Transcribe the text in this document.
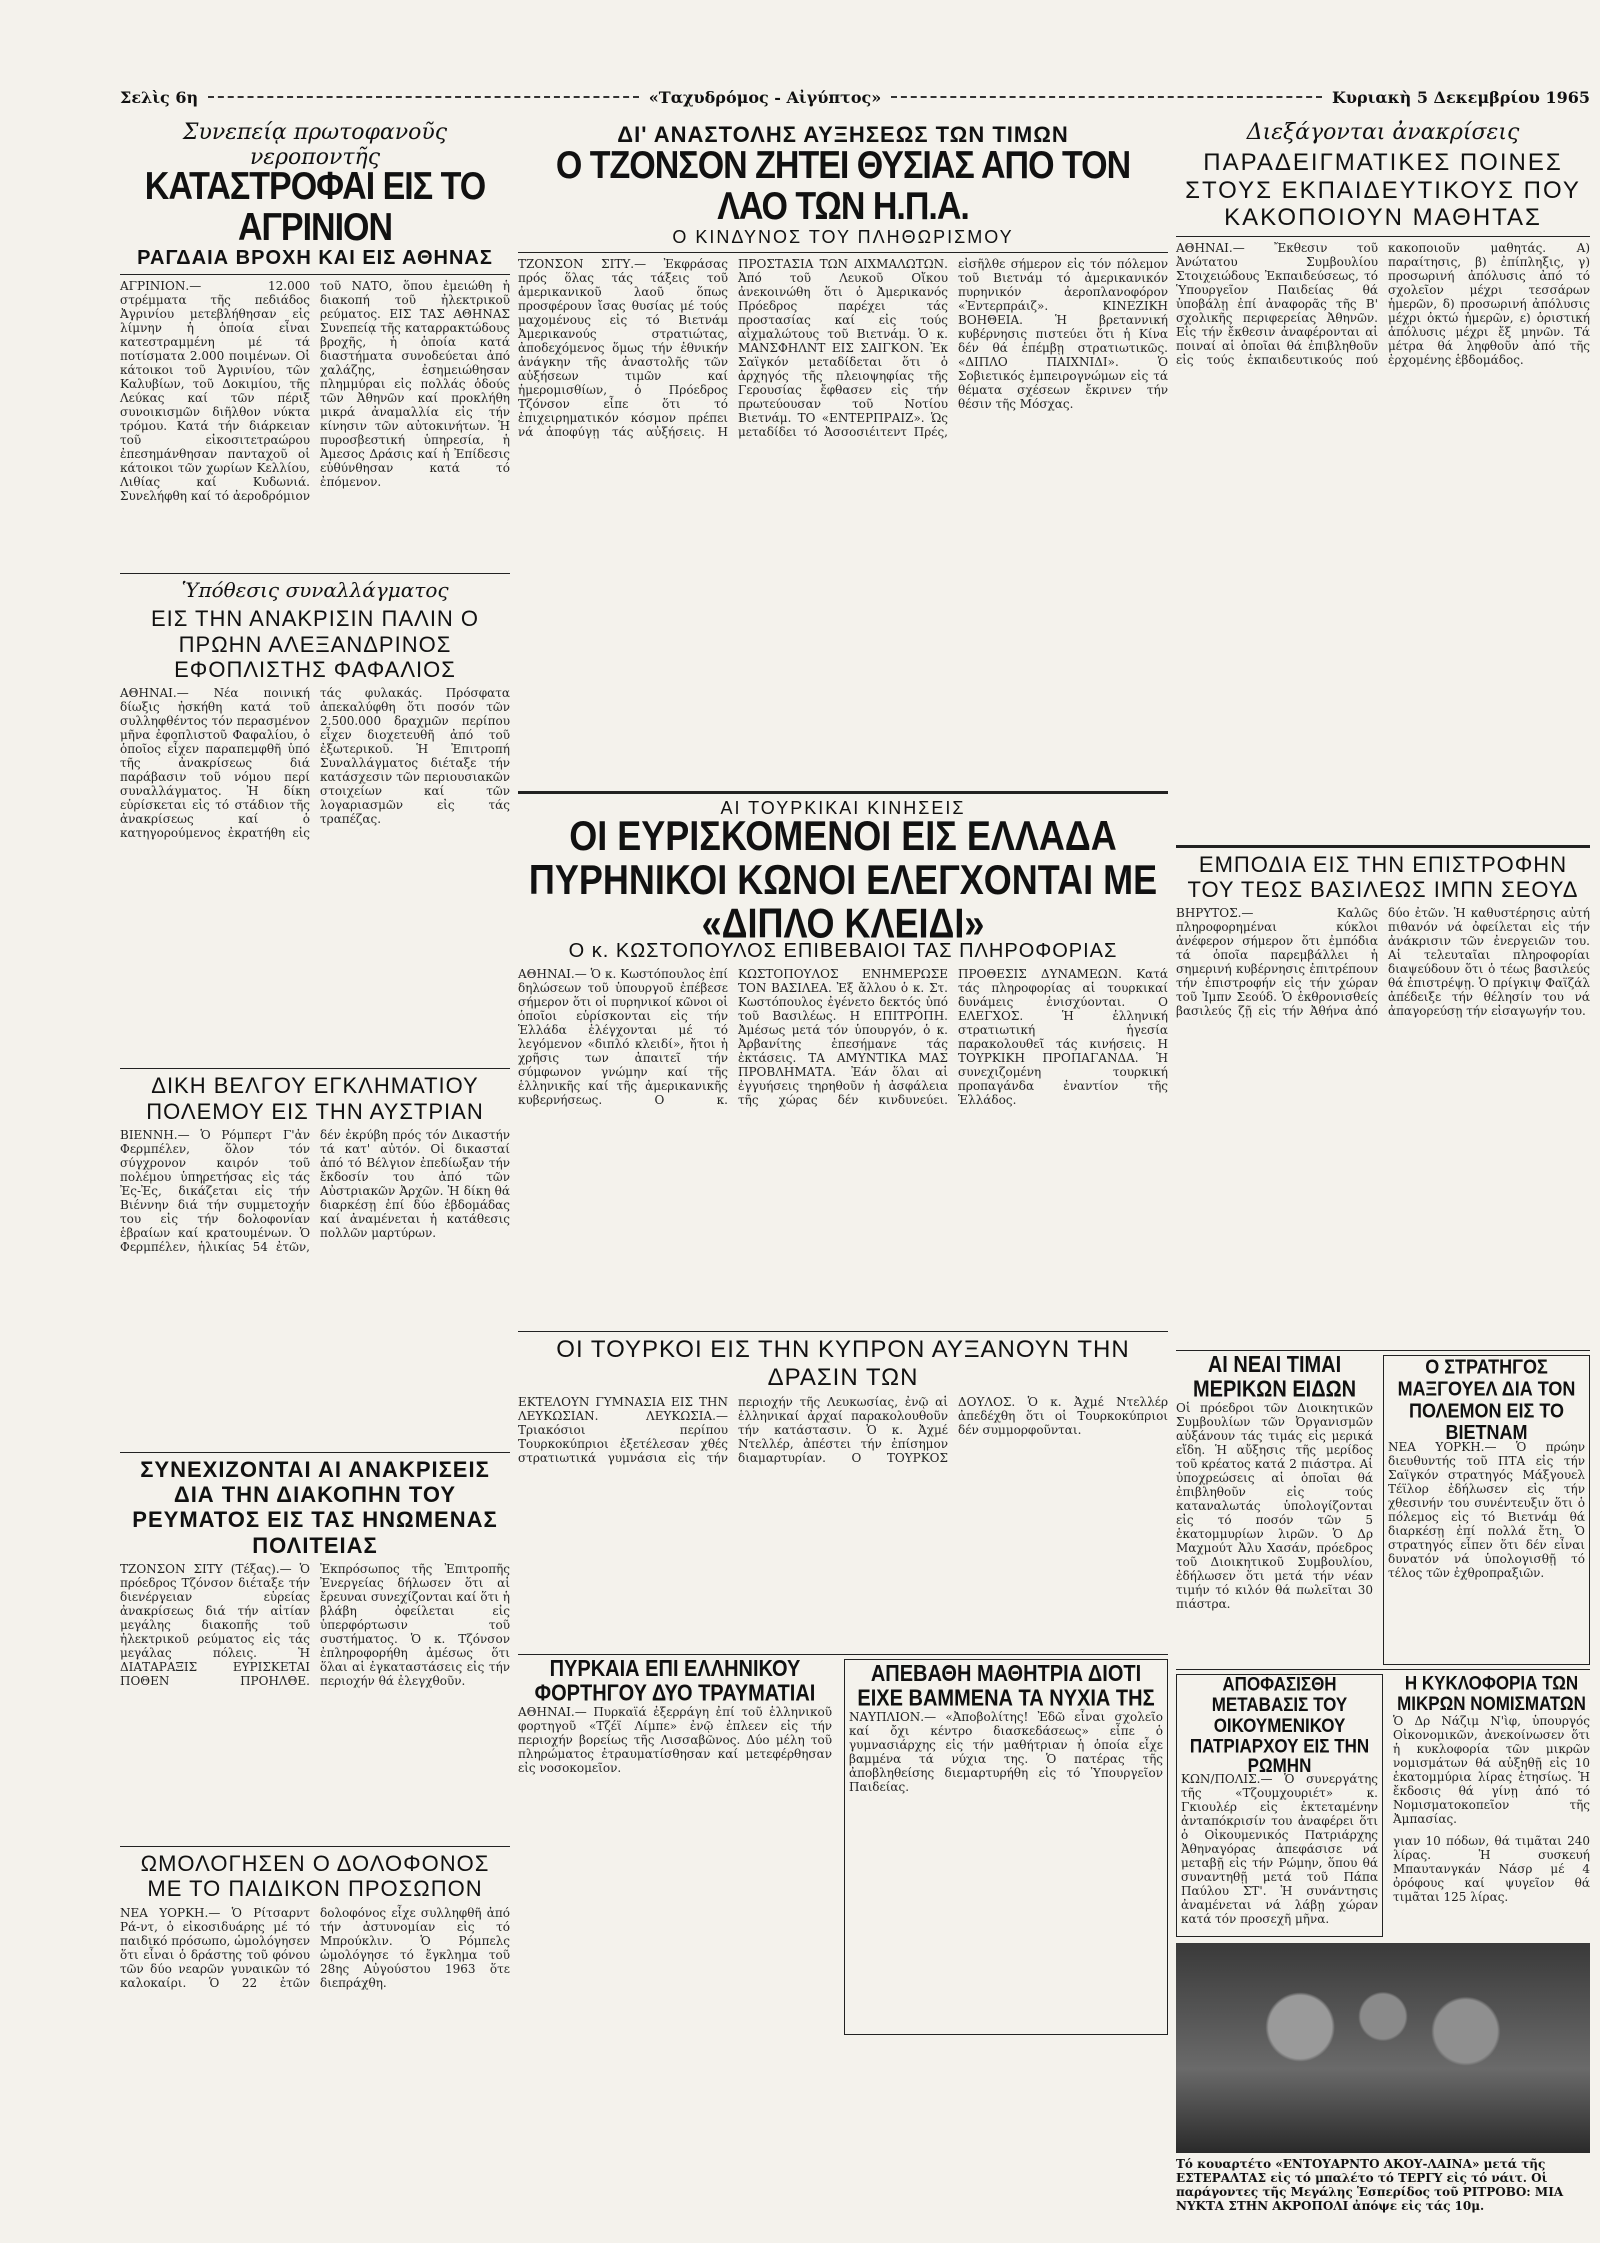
Σελὶς 6η	«Ταχυδρόμος - Αἰγύπτος»	Κυριακὴ 5 Δεκεμβρίου 1965
Συνεπείᾳ πρωτοφανοῦς νεροποντῆς
ΚΑΤΑΣΤΡΟΦΑΙ ΕΙΣ ΤΟ ΑΓΡΙΝΙΟΝ
ΡΑΓΔΑΙΑ ΒΡΟΧΗ ΚΑΙ ΕΙΣ ΑΘΗΝΑΣ
ΑΓΡΙΝΙΟΝ.— 12.000 στρέμματα τῆς πεδιάδος Ἀγρινίου μετεβλήθησαν εἰς λίμνην ἡ ὁποία εἶναι κατεστραμμένη μέ τά ποτίσματα 2.000 ποιμένων. Οἱ κάτοικοι τοῦ Ἀγρινίου, τῶν Καλυβίων, τοῦ Δοκιμίου, τῆς Λεύκας καί τῶν πέριξ συνοικισμῶν διῆλθον νύκτα τρόμου. Κατά τήν διάρκειαν τοῦ εἰκοσιτετραώρου ἐπεσημάνθησαν πανταχοῦ οἱ κάτοικοι τῶν χωρίων Κελλίου, Λιθίας καί Κυδωνιά. Συνελήφθη καί τό ἀεροδρόμιον τοῦ ΝΑΤΟ, ὅπου ἐμειώθη ἡ διακοπή τοῦ ἠλεκτρικοῦ ρεύματος. ΕΙΣ ΤΑΣ ΑΘΗΝΑΣ Συνεπείᾳ τῆς καταρρακτώδους βροχῆς, ἡ ὁποία κατά διαστήματα συνοδεύεται ἀπό χαλάζης, ἐσημειώθησαν πλημμύραι εἰς πολλάς ὁδούς τῶν Ἀθηνῶν καί προκλήθη μικρά ἀναμαλλία εἰς τήν κίνησιν τῶν αὐτοκινήτων. Ἡ πυροσβεστική ὑπηρεσία, ἡ Ἀμεσος Δράσις καί ἡ Ἐπίδεσις εὑθύνθησαν κατά τό ἐπόμενον.
Ὑπόθεσις συναλλάγματος
ΕΙΣ ΤΗΝ ΑΝΑΚΡΙΣΙΝ ΠΑΛΙΝ Ο ΠΡΩΗΝ ΑΛΕΞΑΝΔΡΙΝΟΣ ΕΦΟΠΛΙΣΤΗΣ ΦΑΦΑΛΙΟΣ
ΑΘΗΝΑΙ.— Νέα ποινική δίωξις ἠσκήθη κατά τοῦ συλληφθέντος τόν περασμένον μῆνα ἐφοπλιστοῦ Φαφαλίου, ὁ ὁποῖος εἶχεν παραπεμφθῆ ὑπό τῆς ἀνακρίσεως διά παράβασιν τοῦ νόμου περί συναλλάγματος. Ἡ δίκη εὑρίσκεται εἰς τό στάδιον τῆς ἀνακρίσεως καί ὁ κατηγορούμενος ἐκρατήθη εἰς τάς φυλακάς. Πρόσφατα ἀπεκαλύφθη ὅτι ποσόν τῶν 2.500.000 δραχμῶν περίπου εἶχεν διοχετευθῆ ἀπό τοῦ ἐξωτερικοῦ. Ἡ Ἐπιτροπή Συναλλάγματος διέταξε τήν κατάσχεσιν τῶν περιουσιακῶν στοιχείων καί τῶν λογαριασμῶν εἰς τάς τραπέζας.
ΔΙΚΗ ΒΕΛΓΟΥ ΕΓΚΛΗΜΑΤΙΟΥ ΠΟΛΕΜΟΥ ΕΙΣ ΤΗΝ ΑΥΣΤΡΙΑΝ
ΒΙΕΝΝΗ.— Ὁ Ρόμπερτ Γ'ἀν Φερμπέλεν, ὅλον τόν σύγχρονον καιρόν τοῦ πολέμου ὑπηρετήσας εἰς τάς Ἐς-Ἐς, δικάζεται εἰς τήν Βιέννην διά τήν συμμετοχήν του εἰς τήν δολοφονίαν ἑβραίων καί κρατουμένων. Ὁ Φερμπέλεν, ἡλικίας 54 ἐτῶν, δέν ἐκρύβη πρός τόν Δικαστήν τά κατ' αὐτόν. Οἱ δικασταί ἀπό τό Βέλγιον ἐπεδίωξαν τήν ἔκδοσίν του ἀπό τῶν Αὐστριακῶν Ἀρχῶν. Ἡ δίκη θά διαρκέσῃ ἐπί δύο ἑβδομάδας καί ἀναμένεται ἡ κατάθεσις πολλῶν μαρτύρων.
ΣΥΝΕΧΙΖΟΝΤΑΙ ΑΙ ΑΝΑΚΡΙΣΕΙΣ ΔΙΑ ΤΗΝ ΔΙΑΚΟΠΗΝ ΤΟΥ ΡΕΥΜΑΤΟΣ ΕΙΣ ΤΑΣ ΗΝΩΜΕΝΑΣ ΠΟΛΙΤΕΙΑΣ
ΤΖΟΝΣΟΝ ΣΙΤΥ (Τέξας).— Ὁ πρόεδρος Τζόνσον διέταξε τήν διενέργειαν εὑρείας ἀνακρίσεως διά τήν αἰτίαν μεγάλης διακοπῆς τοῦ ἠλεκτρικοῦ ρεύματος εἰς τάς μεγάλας πόλεις. Ἡ ΔΙΑΤΑΡΑΞΙΣ ΕΥΡΙΣΚΕΤΑΙ ΠΟΘΕΝ ΠΡΟΗΛΘΕ. Ἐκπρόσωπος τῆς Ἐπιτροπῆς Ἐνεργείας δήλωσεν ὅτι αἱ ἔρευναι συνεχίζονται καί ὅτι ἡ βλάβη ὀφείλεται εἰς ὑπερφόρτωσιν τοῦ συστήματος. Ὁ κ. Τζόνσον ἐπληροφορήθη ἀμέσως ὅτι ὅλαι αἱ ἐγκαταστάσεις εἰς τήν περιοχήν θά ἐλεγχθοῦν.
ΩΜΟΛΟΓΗΣΕΝ Ο ΔΟΛΟΦΟΝΟΣ ΜΕ ΤΟ ΠΑΙΔΙΚΟΝ ΠΡΟΣΩΠΟΝ
ΝΕΑ ΥΟΡΚΗ.— Ὁ Ρίτσαρντ Ρά-ντ, ὁ εἰκοσιδυάρης μέ τό παιδικό πρόσωπο, ὡμολόγησεν ὅτι εἶναι ὁ δράστης τοῦ φόνου τῶν δύο νεαρῶν γυναικῶν τό καλοκαίρι. Ὁ 22 ἐτῶν δολοφόνος εἶχε συλληφθῆ ἀπό τήν ἀστυνομίαν εἰς τό Μπρούκλιν. Ὁ Ρόμπελς ὡμολόγησε τό ἔγκλημα τοῦ 28ης Αὐγούστου 1963 ὅτε διεπράχθη.
ΔΙ' ΑΝΑΣΤΟΛΗΣ ΑΥΞΗΣΕΩΣ ΤΩΝ ΤΙΜΩΝ
Ο ΤΖΟΝΣΟΝ ΖΗΤΕΙ ΘΥΣΙΑΣ ΑΠΟ ΤΟΝ ΛΑΟ ΤΩΝ Η.Π.Α.
Ο ΚΙΝΔΥΝΟΣ ΤΟΥ ΠΛΗΘΩΡΙΣΜΟΥ
ΤΖΟΝΣΟΝ ΣΙΤΥ.— Ἐκφράσας πρός ὅλας τάς τάξεις τοῦ ἀμερικανικοῦ λαοῦ ὅπως προσφέρουν ἴσας θυσίας μέ τούς μαχομένους εἰς τό Βιετνάμ Ἀμερικανούς στρατιώτας, ἀποδεχόμενος ὅμως τήν ἐθνικήν ἀνάγκην τῆς ἀναστολῆς τῶν αὐξήσεων τιμῶν καί ἡμερομισθίων, ὁ Πρόεδρος Τζόνσον εἶπε ὅτι τό ἐπιχειρηματικόν κόσμον πρέπει νά ἀποφύγῃ τάς αὐξήσεις. Η ΠΡΟΣΤΑΣΙΑ ΤΩΝ ΑΙΧΜΑΛΩΤΩΝ. Ἀπό τοῦ Λευκοῦ Οἴκου ἀνεκοινώθη ὅτι ὁ Ἀμερικανός Πρόεδρος παρέχει τάς προστασίας καί εἰς τούς αἰχμαλώτους τοῦ Βιετνάμ. Ὁ κ. ΜΑΝΣΦΗΛΝΤ ΕΙΣ ΣΑΙΓΚΟΝ. Ἐκ Σαϊγκόν μεταδίδεται ὅτι ὁ ἀρχηγός τῆς πλειοψηφίας τῆς Γερουσίας ἔφθασεν εἰς τήν πρωτεύουσαν τοῦ Νοτίου Βιετνάμ. ΤΟ «ΕΝΤΕΡΠΡΑΙΖ». Ὡς μεταδίδει τό Ἀσσοσιέιτεντ Πρές, εἰσῆλθε σήμερον εἰς τόν πόλεμον τοῦ Βιετνάμ τό ἀμερικανικόν πυρηνικόν ἀεροπλανοφόρον «Ἐντερπράιζ». ΚΙΝΕΖΙΚΗ ΒΟΗΘΕΙΑ. Ἡ βρεταννική κυβέρνησις πιστεύει ὅτι ἡ Κίνα δέν θά ἐπέμβῃ στρατιωτικῶς. «ΔΙΠΛΟ ΠΑΙΧΝΙΔΙ». Ὁ Σοβιετικός ἐμπειρογνώμων εἰς τά θέματα σχέσεων ἔκρινεν τήν θέσιν τῆς Μόσχας.
ΑΙ ΤΟΥΡΚΙΚΑΙ ΚΙΝΗΣΕΙΣ
ΟΙ ΕΥΡΙΣΚΟΜΕΝΟΙ ΕΙΣ ΕΛΛΑΔΑ ΠΥΡΗΝΙΚΟΙ ΚΩΝΟΙ ΕΛΕΓΧΟΝΤΑΙ ΜΕ «ΔΙΠΛΟ ΚΛΕΙΔΙ»
Ο κ. ΚΩΣΤΟΠΟΥΛΟΣ ΕΠΙΒΕΒΑΙΟΙ ΤΑΣ ΠΛΗΡΟΦΟΡΙΑΣ
ΑΘΗΝΑΙ.— Ὁ κ. Κωστόπουλος ἐπί δηλώσεων τοῦ ὑπουργοῦ ἐπέβεσε σήμερον ὅτι οἱ πυρηνικοί κῶνοι οἱ ὁποῖοι εὑρίσκονται εἰς τήν Ἑλλάδα ἐλέγχονται μέ τό λεγόμενον «διπλό κλειδί», ἤτοι ἡ χρῆσις των ἀπαιτεῖ τήν σύμφωνον γνώμην καί τῆς ἑλληνικῆς καί τῆς ἀμερικανικῆς κυβερνήσεως. Ο κ. ΚΩΣΤΟΠΟΥΛΟΣ ΕΝΗΜΕΡΩΣΕ ΤΟΝ ΒΑΣΙΛΕΑ. Ἐξ ἄλλου ὁ κ. Στ. Κωστόπουλος ἐγένετο δεκτός ὑπό τοῦ Βασιλέως. Η ΕΠΙΤΡΟΠΗ. Ἀμέσως μετά τόν ὑπουργόν, ὁ κ. Ἀρβανίτης ἐπεσήμανε τάς ἐκτάσεις. ΤΑ ΑΜΥΝΤΙΚΑ ΜΑΣ ΠΡΟΒΛΗΜΑΤΑ. Ἐάν ὅλαι αἱ ἐγγυήσεις τηρηθοῦν ἡ ἀσφάλεια τῆς χώρας δέν κινδυνεύει. ΠΡΟΘΕΣΙΣ ΔΥΝΑΜΕΩΝ. Κατά τάς πληροφορίας αἱ τουρκικαί δυνάμεις ἐνισχύονται. Ο ΕΛΕΓΧΟΣ. Ἡ ἑλληνική στρατιωτική ἡγεσία παρακολουθεῖ τάς κινήσεις. Η ΤΟΥΡΚΙΚΗ ΠΡΟΠΑΓΑΝΔΑ. Ἡ συνεχιζομένη τουρκική προπαγάνδα ἐναντίον τῆς Ἑλλάδος.
ΟΙ ΤΟΥΡΚΟΙ ΕΙΣ ΤΗΝ ΚΥΠΡΟΝ ΑΥΞΑΝΟΥΝ ΤΗΝ ΔΡΑΣΙΝ ΤΩΝ
ΕΚΤΕΛΟΥΝ ΓΥΜΝΑΣΙΑ ΕΙΣ ΤΗΝ ΛΕΥΚΩΣΙΑΝ. ΛΕΥΚΩΣΙΑ.— Τριακόσιοι περίπου Τουρκοκύπριοι ἐξετέλεσαν χθές στρατιωτικά γυμνάσια εἰς τήν περιοχήν τῆς Λευκωσίας, ἐνῷ αἱ ἑλληνικαί ἀρχαί παρακολουθοῦν τήν κατάστασιν. Ὁ κ. Ἀχμέ Ντελλέρ, ἀπέστει τήν ἐπίσημον διαμαρτυρίαν. Ο ΤΟΥΡΚΟΣ ΔΟΥΛΟΣ. Ὁ κ. Ἀχμέ Ντελλέρ ἀπεδέχθη ὅτι οἱ Τουρκοκύπριοι δέν συμμορφοῦνται.
ΠΥΡΚΑΙΑ ΕΠΙ ΕΛΛΗΝΙΚΟΥ ΦΟΡΤΗΓΟΥ ΔΥΟ ΤΡΑΥΜΑΤΙΑΙ
ΑΘΗΝΑΙ.— Πυρκαϊά ἐξερράγη ἐπί τοῦ ἑλληνικοῦ φορτηγοῦ «Τζέϊ Λίμπε» ἐνῷ ἐπλεεν εἰς τήν περιοχήν βορείως τῆς Λισσαβῶνος. Δύο μέλη τοῦ πληρώματος ἐτραυματίσθησαν καί μετεφέρθησαν εἰς νοσοκομεῖον.
ΑΠΕΒΑΘΗ ΜΑΘΗΤΡΙΑ ΔΙΟΤΙ ΕΙΧΕ ΒΑΜΜΕΝΑ ΤΑ ΝΥΧΙΑ ΤΗΣ
ΝΑΥΠΛΙΟΝ.— «Ἀποβολίτης! Ἐδῶ εἶναι σχολεῖο καί ὄχι κέντρο διασκεδάσεως» εἶπε ὁ γυμνασιάρχης εἰς τήν μαθήτριαν ἡ ὁποία εἶχε βαμμένα τά νύχια της. Ὁ πατέρας τῆς ἀποβληθείσης διεμαρτυρήθη εἰς τό Ὑπουργεῖον Παιδείας.
Διεξάγονται ἀνακρίσεις
ΠΑΡΑΔΕΙΓΜΑΤΙΚΕΣ ΠΟΙΝΕΣ ΣΤΟΥΣ ΕΚΠΑΙΔΕΥΤΙΚΟΥΣ ΠΟΥ ΚΑΚΟΠΟΙΟΥΝ ΜΑΘΗΤΑΣ
ΑΘΗΝΑΙ.— Ἔκθεσιν τοῦ Ἀνώτατου Συμβουλίου Στοιχειώδους Ἐκπαιδεύσεως, τό Ὑπουργεῖον Παιδείας θά ὑποβάλῃ ἐπί ἀναφορᾶς τῆς Β' σχολικῆς περιφερείας Ἀθηνῶν. Εἰς τήν ἔκθεσιν ἀναφέρονται αἱ ποιναί αἱ ὁποῖαι θά ἐπιβληθοῦν εἰς τούς ἐκπαιδευτικούς πού κακοποιοῦν μαθητάς. Α) παραίτησις, β) ἐπίπληξις, γ) προσωρινή ἀπόλυσις ἀπό τό σχολεῖον μέχρι τεσσάρων ἡμερῶν, δ) προσωρινή ἀπόλυσις μέχρι ὀκτώ ἡμερῶν, ε) ὁριστική ἀπόλυσις μέχρι ἔξ μηνῶν. Τά μέτρα θά ληφθοῦν ἀπό τῆς ἐρχομένης ἑβδομάδος.
ΕΜΠΟΔΙΑ ΕΙΣ ΤΗΝ ΕΠΙΣΤΡΟΦΗΝ ΤΟΥ ΤΕΩΣ ΒΑΣΙΛΕΩΣ ΙΜΠΝ ΣΕΟΥΔ
ΒΗΡΥΤΟΣ.— Καλῶς πληροφορημέναι κύκλοι ἀνέφερον σήμερον ὅτι ἐμπόδια τά ὁποῖα παρεμβάλλει ἡ σημερινή κυβέρνησις ἐπιτρέπουν τήν ἐπιστροφήν εἰς τήν χώραν τοῦ Ἰμπν Σεούδ. Ὁ ἐκθρονισθείς βασιλεύς ζῇ εἰς τήν Ἀθήνα ἀπό δύο ἐτῶν. Ἡ καθυστέρησις αὐτή πιθανόν νά ὀφείλεται εἰς τήν ἀνάκρισιν τῶν ἐνεργειῶν του. Αἱ τελευταῖαι πληροφορίαι διαψεύδουν ὅτι ὁ τέως βασιλεύς θά ἐπιστρέψῃ. Ὁ πρίγκιψ Φαϊζάλ ἀπέδειξε τήν θέλησίν του νά ἀπαγορεύσῃ τήν εἰσαγωγήν του.
ΑΙ ΝΕΑΙ ΤΙΜΑΙ ΜΕΡΙΚΩΝ ΕΙΔΩΝ
Οἱ πρόεδροι τῶν Διοικητικῶν Συμβουλίων τῶν Ὀργανισμῶν αὐξάνουν τάς τιμάς εἰς μερικά εἴδη. Ἡ αὔξησις τῆς μερίδος τοῦ κρέατος κατά 2 πιάστρα. Αἱ ὑποχρεώσεις αἱ ὁποῖαι θά ἐπιβληθοῦν εἰς τούς καταναλωτάς ὑπολογίζονται εἰς τό ποσόν τῶν 5 ἑκατομμυρίων λιρῶν. Ὁ Δρ Μαχμούτ Ἀλυ Χασάν, πρόεδρος τοῦ Διοικητικοῦ Συμβουλίου, ἐδήλωσεν ὅτι μετά τήν νέαν τιμήν τό κιλόν θά πωλεῖται 30 πιάστρα.
Ο ΣΤΡΑΤΗΓΟΣ ΜΑΞΓΟΥΕΛ ΔΙΑ ΤΟΝ ΠΟΛΕΜΟΝ ΕΙΣ ΤΟ ΒΙΕΤΝΑΜ
ΝΕΑ ΥΟΡΚΗ.— Ὁ πρώην διευθυντής τοῦ ΠΤΑ εἰς τήν Σαϊγκόν στρατηγός Μάξγουελ Τέϊλορ ἐδήλωσεν εἰς τήν χθεσινήν του συνέντευξιν ὅτι ὁ πόλεμος εἰς τό Βιετνάμ θά διαρκέσῃ ἐπί πολλά ἔτη. Ὁ στρατηγός εἶπεν ὅτι δέν εἶναι δυνατόν νά ὑπολογισθῇ τό τέλος τῶν ἐχθροπραξιῶν.
ΑΠΟΦΑΣΙΣΘΗ ΜΕΤΑΒΑΣΙΣ ΤΟΥ ΟΙΚΟΥΜΕΝΙΚΟΥ ΠΑΤΡΙΑΡΧΟΥ ΕΙΣ ΤΗΝ ΡΩΜΗΝ
ΚΩΝ/ΠΟΛΙΣ.— Ὁ συνεργάτης τῆς «Τζουμχουριέτ» κ. Γκιουλέρ εἰς ἐκτεταμένην ἀνταπόκρισίν του ἀναφέρει ὅτι ὁ Οἰκουμενικός Πατριάρχης Ἀθηναγόρας ἀπεφάσισε νά μεταβῇ εἰς τήν Ρώμην, ὅπου θά συναντηθῇ μετά τοῦ Πάπα Παύλου ΣΤ'. Ἡ συνάντησις ἀναμένεται νά λάβῃ χώραν κατά τόν προσεχῆ μῆνα.
Η ΚΥΚΛΟΦΟΡΙΑ ΤΩΝ ΜΙΚΡΩΝ ΝΟΜΙΣΜΑΤΩΝ
Ὁ Δρ Νάζιμ Ν'ὶφ, ὑπουργός Οἰκονομικῶν, ἀνεκοίνωσεν ὅτι ἡ κυκλοφορία τῶν μικρῶν νομισμάτων θά αὐξηθῇ εἰς 10 ἑκατομμύρια λίρας ἐτησίως. Ἡ ἔκδοσις θά γίνῃ ἀπό τό Νομισματοκοπεῖον τῆς Ἀμπασίας.
γιαν 10 πόδων, θά τιμᾶται 240 λίρας. Ἡ συσκευή Μπαυτανγκάν Νάσρ μέ 4 ὀρόφους καί ψυγεῖον θά τιμᾶται 125 λίρας.
Τό κουαρτέτο «ΕΝΤΟΥΑΡΝΤΟ ΑΚΟΥ-ΛΑΙΝΑ» μετά τῆς ΕΣΤΕΡΑΛΤΑΣ εἰς τό μπαλέτο τό ΤΕΡΓΥ εἰς τό νάιτ. Οἱ παράγοντες τῆς Μεγάλης Ἑσπερίδος τοῦ ΡΙΤΡΟΒΟ: ΜΙΑ ΝΥΚΤΑ ΣΤΗΝ ΑΚΡΟΠΟΛΙ ἀπόψε εἰς τάς 10μ.
